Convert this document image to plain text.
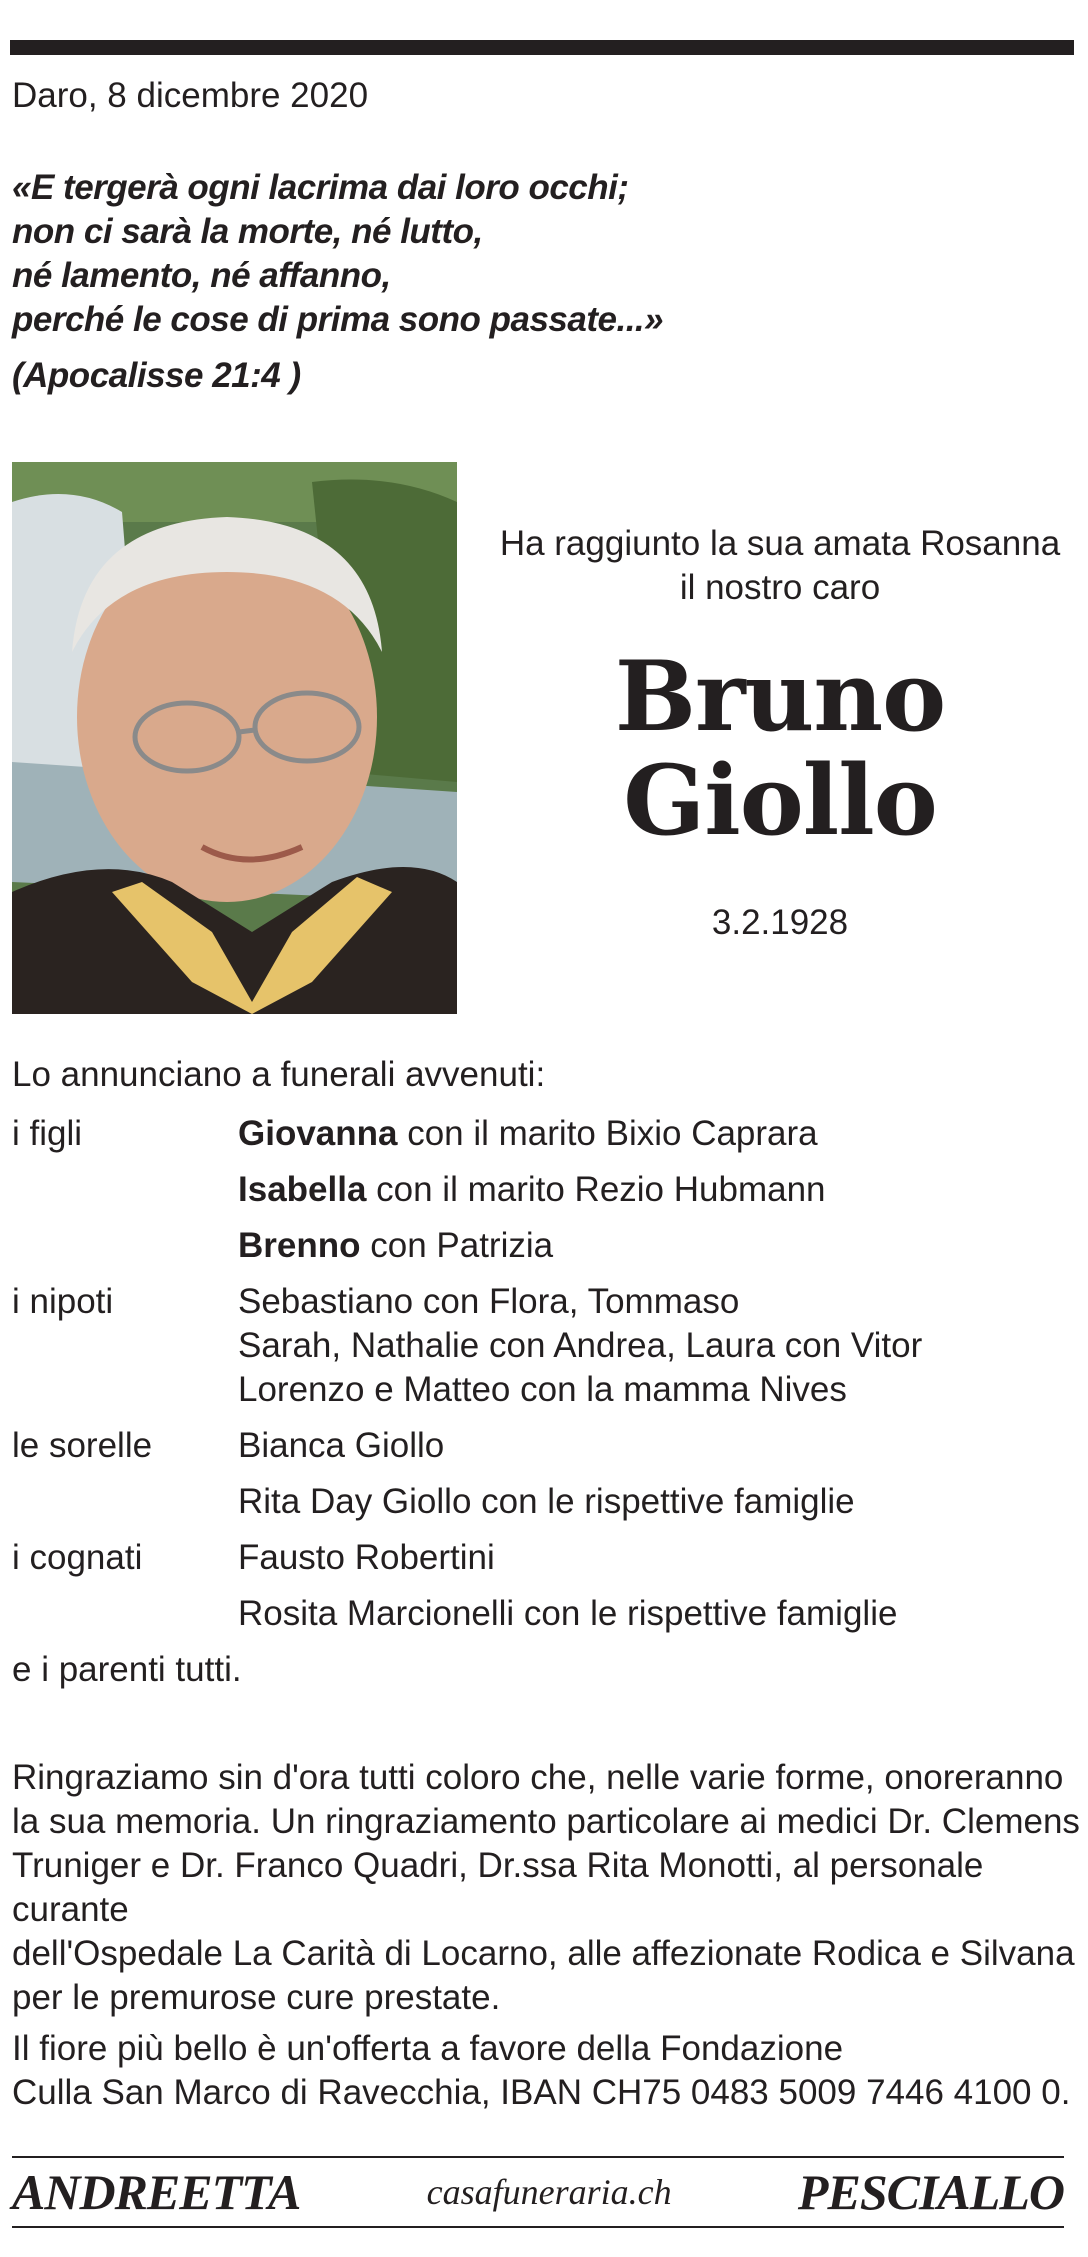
Daro, 8 dicembre 2020
«E tergerà ogni lacrima dai loro occhi;
non ci sarà la morte, né lutto,
né lamento, né affanno,
perché le cose di prima sono passate...»
(Apocalisse 21:4 )
Ha raggiunto la sua amata Rosanna
il nostro caro
Bruno
Giollo
3.2.1928
Lo annunciano a funerali avvenuti:
i figli	Giovanna con il marito Bixio Caprara
Isabella con il marito Rezio Hubmann
Brenno con Patrizia
i nipoti	Sebastiano con Flora, Tommaso
Sarah, Nathalie con Andrea, Laura con Vitor
Lorenzo e Matteo con la mamma Nives
le sorelle	Bianca Giollo
Rita Day Giollo con le rispettive famiglie
i cognati	Fausto Robertini
Rosita Marcionelli con le rispettive famiglie
e i parenti tutti.
Ringraziamo sin d'ora tutti coloro che, nelle varie forme, onoreranno
la sua memoria. Un ringraziamento particolare ai medici Dr. Clemens
Truniger e Dr. Franco Quadri, Dr.ssa Rita Monotti, al personale curante
dell'Ospedale La Carità di Locarno, alle affezionate Rodica e Silvana
per le premurose cure prestate.
Il fiore più bello è un'offerta a favore della Fondazione
Culla San Marco di Ravecchia, IBAN CH75 0483 5009 7446 4100 0.
ANDREETTA	casafuneraria.ch	PESCIALLO
